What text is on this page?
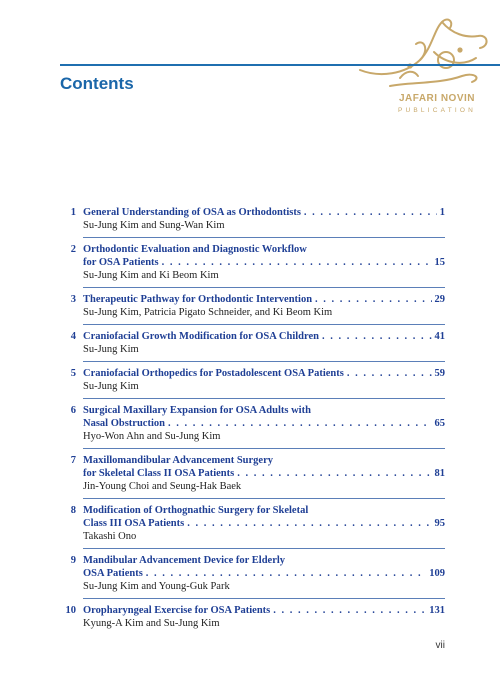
JAFARI NOVIN
PUBLICATION
Contents
1 General Understanding of OSA as Orthodontists . . .	1
Su-Jung Kim and Sung-Wan Kim
2 Orthodontic Evaluation and Diagnostic Workflow
for OSA Patients . . .	15
Su-Jung Kim and Ki Beom Kim
3 Therapeutic Pathway for Orthodontic Intervention . . .	29
Su-Jung Kim, Patricia Pigato Schneider, and Ki Beom Kim
4 Craniofacial Growth Modification for OSA Children . . .	41
Su-Jung Kim
5 Craniofacial Orthopedics for Postadolescent OSA Patients . . .	59
Su-Jung Kim
6 Surgical Maxillary Expansion for OSA Adults with
Nasal Obstruction . . .	65
Hyo-Won Ahn and Su-Jung Kim
7 Maxillomandibular Advancement Surgery
for Skeletal Class II OSA Patients . . .	81
Jin-Young Choi and Seung-Hak Baek
8 Modification of Orthognathic Surgery for Skeletal
Class III OSA Patients . . .	95
Takashi Ono
9 Mandibular Advancement Device for Elderly
OSA Patients . . .	109
Su-Jung Kim and Young-Guk Park
10 Oropharyngeal Exercise for OSA Patients . . .	131
Kyung-A Kim and Su-Jung Kim
vii
